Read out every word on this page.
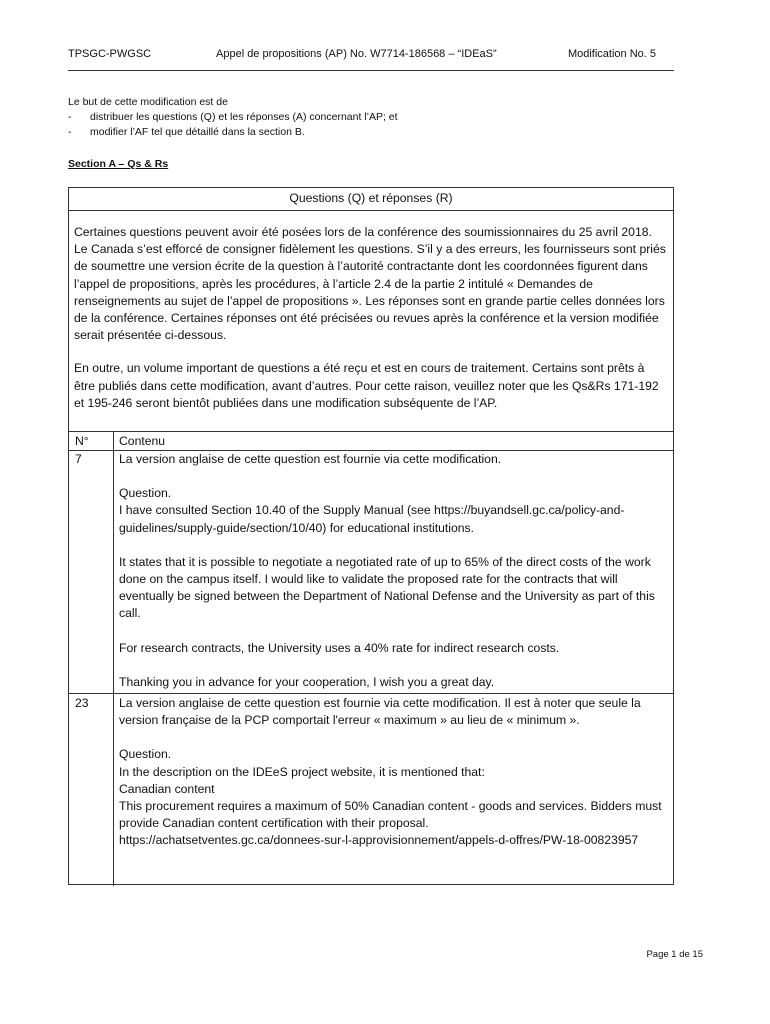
TPSGC-PWGSC	Appel de propositions (AP) No. W7714-186568 – “IDEaS”	Modification No. 5
Le but de cette modification est de
- distribuer les questions (Q) et les réponses (A) concernant l’AP; et
- modifier l’AF tel que détaillé dans la section B.
Section A – Qs & Rs
Questions (Q) et réponses (R)
Certaines questions peuvent avoir été posées lors de la conférence des soumissionnaires du 25 avril 2018. Le Canada s’est efforcé de consigner fidèlement les questions. S’il y a des erreurs, les fournisseurs sont priés de soumettre une version écrite de la question à l’autorité contractante dont les coordonnées figurent dans l’appel de propositions, après les procédures, à l’article 2.4 de la partie 2 intitulé « Demandes de renseignements au sujet de l’appel de propositions ». Les réponses sont en grande partie celles données lors de la conférence. Certaines réponses ont été précisées ou revues après la conférence et la version modifiée serait présentée ci-dessous.
En outre, un volume important de questions a été reçu et est en cours de traitement. Certains sont prêts à être publiés dans cette modification, avant d’autres. Pour cette raison, veuillez noter que les Qs&Rs 171-192 et 195-246 seront bientôt publiées dans une modification subséquente de l’AP.
N° Contenu
7	La version anglaise de cette question est fournie via cette modification.
Question.
I have consulted Section 10.40 of the Supply Manual (see https://buyandsell.gc.ca/policy-and-guidelines/supply-guide/section/10/40) for educational institutions.
It states that it is possible to negotiate a negotiated rate of up to 65% of the direct costs of the work done on the campus itself. I would like to validate the proposed rate for the contracts that will eventually be signed between the Department of National Defense and the University as part of this call.
For research contracts, the University uses a 40% rate for indirect research costs.
Thanking you in advance for your cooperation, I wish you a great day.
23 La version anglaise de cette question est fournie via cette modification. Il est à noter que seule la version française de la PCP comportait l'erreur « maximum » au lieu de « minimum ».
Question.
In the description on the IDEeS project website, it is mentioned that:
Canadian content
This procurement requires a maximum of 50% Canadian content - goods and services. Bidders must provide Canadian content certification with their proposal.
https://achatsetventes.gc.ca/donnees-sur-l-approvisionnement/appels-d-offres/PW-18-00823957
Page 1 de 15
